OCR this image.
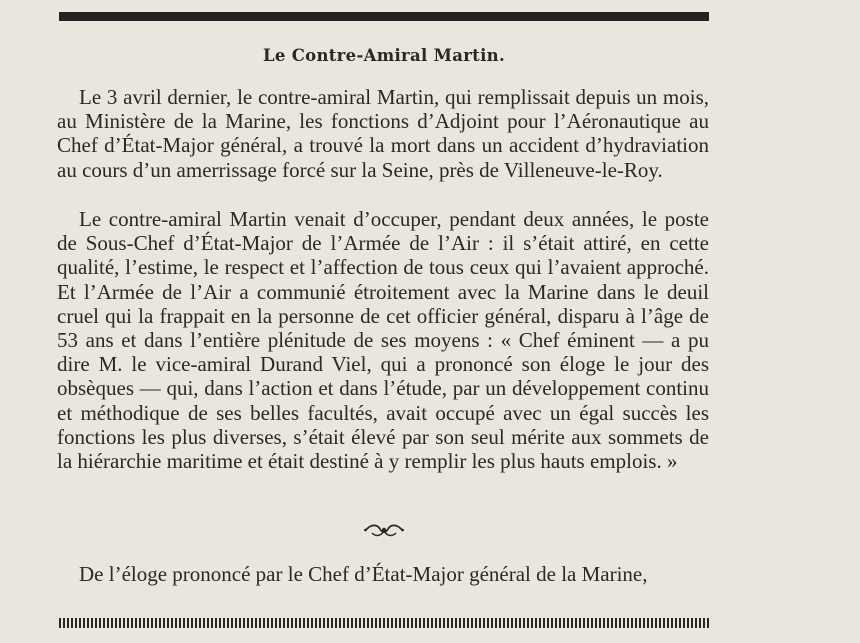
Le Contre-Amiral Martin.

Le 3 avril dernier, le contre-amiral Martin, qui remplissait depuis un mois, au Ministère de la Marine, les fonctions d’Adjoint pour l’Aéronautique au Chef d’État-Major général, a trouvé la mort dans un accident d’hydraviation au cours d’un amerrissage forcé sur la Seine, près de Villeneuve-le-Roy.

Le contre-amiral Martin venait d’occuper, pendant deux années, le poste de Sous-Chef d’État-Major de l’Armée de l’Air : il s’était attiré, en cette qualité, l’estime, le respect et l’affection de tous ceux qui l’avaient approché. Et l’Armée de l’Air a communié étroitement avec la Marine dans le deuil cruel qui la frappait en la personne de cet officier général, disparu à l’âge de 53 ans et dans l’entière plénitude de ses moyens : « Chef éminent — a pu dire M. le vice-amiral Durand Viel, qui a prononcé son éloge le jour des obsèques — qui, dans l’action et dans l’étude, par un développement continu et méthodique de ses belles facultés, avait occupé avec un égal succès les fonctions les plus diverses, s’était élevé par son seul mérite aux sommets de la hiérarchie maritime et était destiné à y remplir les plus hauts emplois. »

De l’éloge prononcé par le Chef d’État-Major général de la Marine,
